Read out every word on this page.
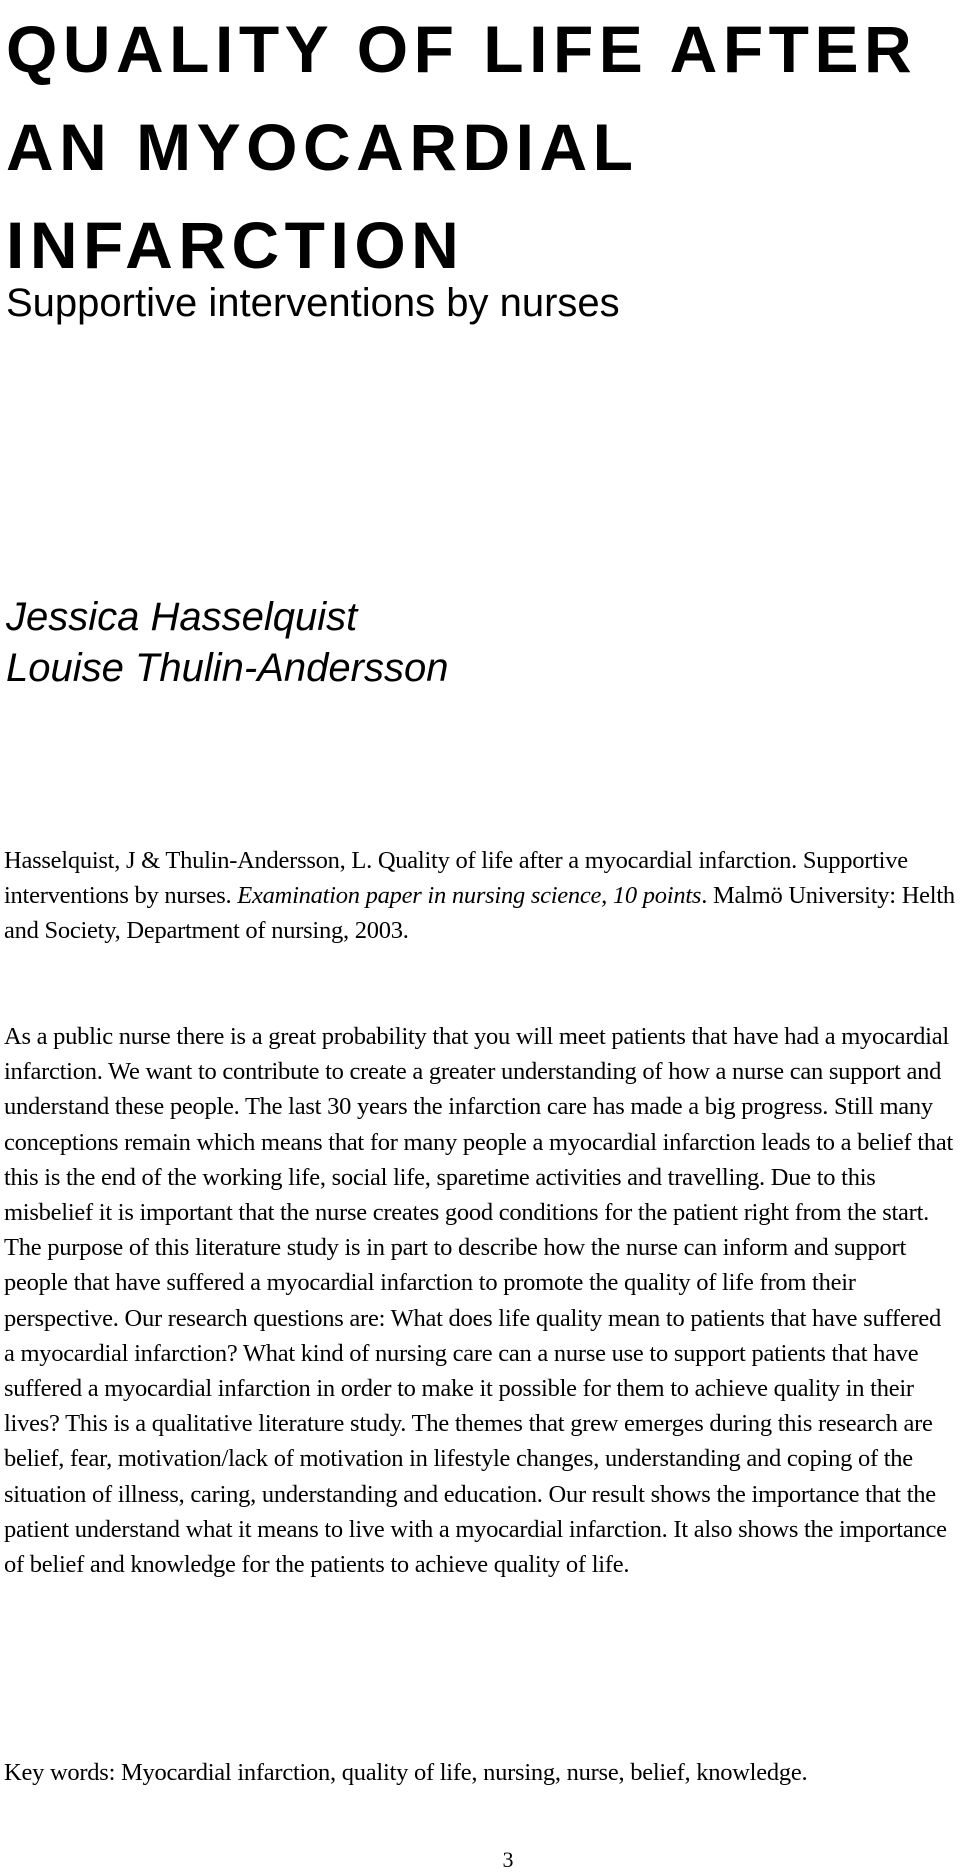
QUALITY OF LIFE AFTER
AN MYOCARDIAL
INFARCTION
Supportive interventions by nurses
Jessica Hasselquist
Louise Thulin-Andersson

Hasselquist, J & Thulin-Andersson, L. Quality of life after a myocardial infarction. Supportive interventions by nurses. Examination paper in nursing science, 10 points. Malmö University: Helth and Society, Department of nursing, 2003.

As a public nurse there is a great probability that you will meet patients that have had a myocardial infarction. We want to contribute to create a greater understanding of how a nurse can support and understand these people. The last 30 years the infarction care has made a big progress. Still many conceptions remain which means that for many people a myocardial infarction leads to a belief that this is the end of the working life, social life, sparetime activities and travelling. Due to this misbelief it is important that the nurse creates good conditions for the patient right from the start. The purpose of this literature study is in part to describe how the nurse can inform and support people that have suffered a myocardial infarction to promote the quality of life from their perspective. Our research questions are: What does life quality mean to patients that have suffered a myocardial infarction? What kind of nursing care can a nurse use to support patients that have suffered a myocardial infarction in order to make it possible for them to achieve quality in their lives? This is a qualitative literature study. The themes that grew emerges during this research are belief, fear, motivation/lack of motivation in lifestyle changes, understanding and coping of the situation of illness, caring, understanding and education. Our result shows the importance that the patient understand what it means to live with a myocardial infarction. It also shows the importance of belief and knowledge for the patients to achieve quality of life.

Key words: Myocardial infarction, quality of life, nursing, nurse, belief, knowledge.

3
